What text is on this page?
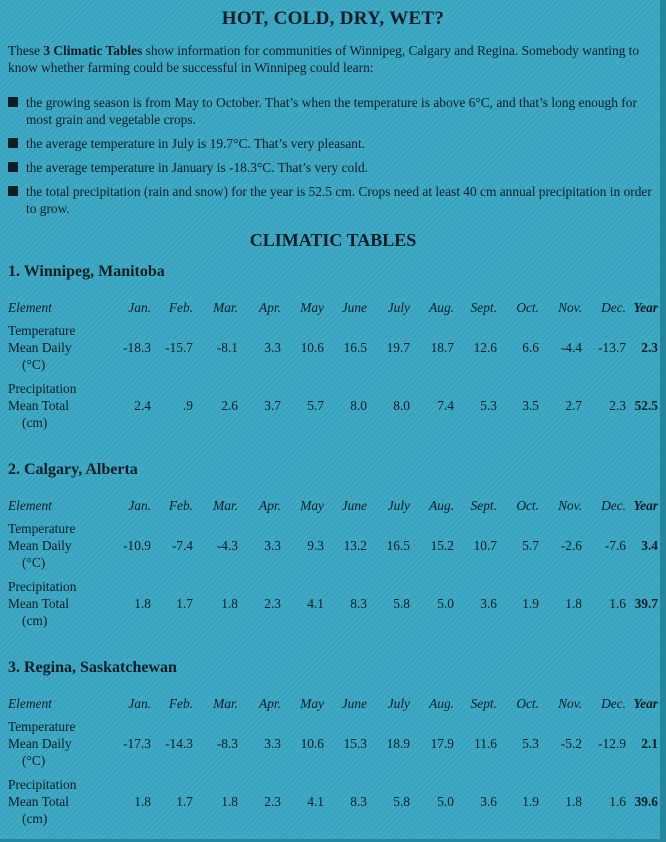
HOT, COLD, DRY, WET?

These 3 Climatic Tables show information for communities of Winnipeg, Calgary and Regina. Somebody wanting to know whether farming could be successful in Winnipeg could learn:

the growing season is from May to October. That’s when the temperature is above 6°C, and that’s long enough for most grain and vegetable crops.
the average temperature in July is 19.7°C. That’s very pleasant.
the average temperature in January is -18.3°C. That’s very cold.
the total precipitation (rain and snow) for the year is 52.5 cm. Crops need at least 40 cm annual precipitation in order to grow.
CLIMATIC TABLES
1. Winnipeg, Manitoba
Element	Jan. Feb. Mar. Apr. May June July Aug. Sept. Oct. Nov. Dec. Year
Temperature
Mean Daily
(°C)
-18.3 -15.7 -8.1 3.3 10.6 16.5 19.7 18.7 12.6 6.6 -4.4 -13.7 2.3
Precipitation
Mean Total
(cm)
2.4 .9 2.6 3.7 5.7 8.0 8.0 7.4 5.3 3.5 2.7 2.3 52.5
2. Calgary, Alberta
Element	Jan. Feb. Mar. Apr. May June July Aug. Sept. Oct. Nov. Dec. Year
Temperature
Mean Daily
(°C)
-10.9 -7.4 -4.3 3.3 9.3 13.2 16.5 15.2 10.7 5.7 -2.6 -7.6 3.4
Precipitation
Mean Total
(cm)
1.8 1.7 1.8 2.3 4.1 8.3 5.8 5.0 3.6 1.9 1.8 1.6 39.7
3. Regina, Saskatchewan
Element	Jan. Feb. Mar. Apr. May June July Aug. Sept. Oct. Nov. Dec. Year
Temperature
Mean Daily
(°C)
-17.3 -14.3 -8.3 3.3 10.6 15.3 18.9 17.9 11.6 5.3 -5.2 -12.9 2.1
Precipitation
Mean Total
(cm)
1.8 1.7 1.8 2.3 4.1 8.3 5.8 5.0 3.6 1.9 1.8 1.6 39.6
